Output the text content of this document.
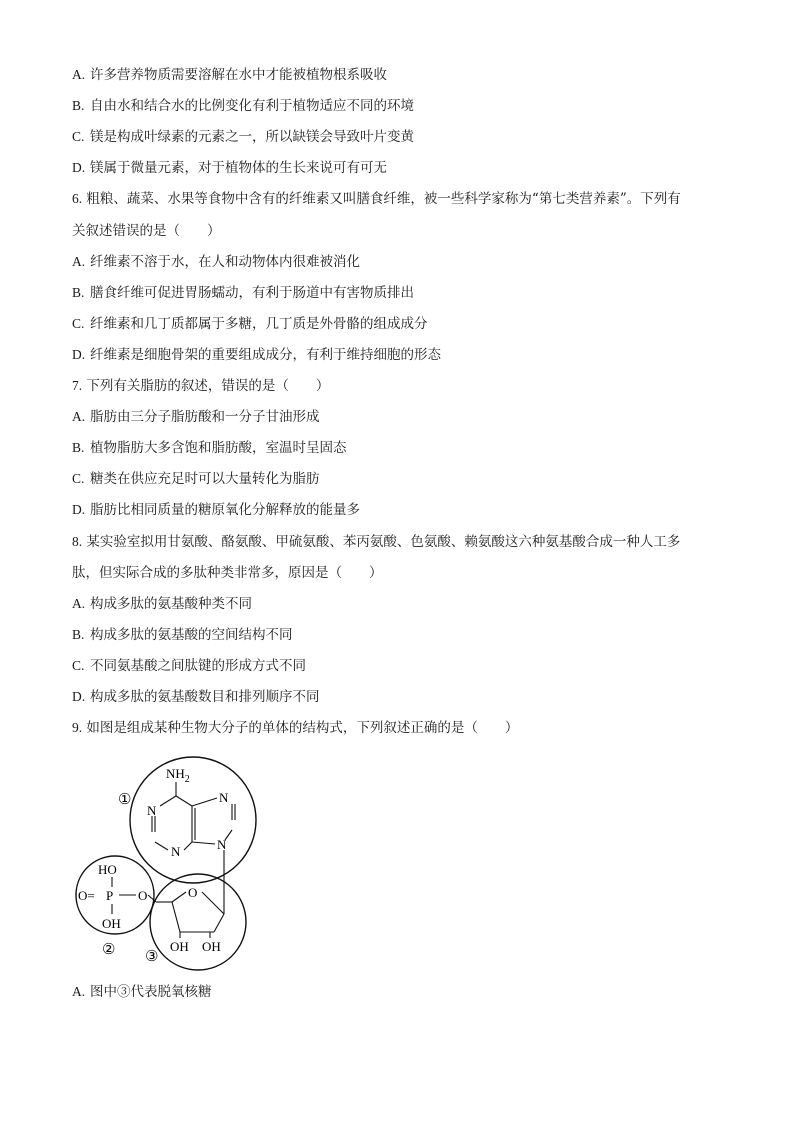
A. 许多营养物质需要溶解在水中才能被植物根系吸收
B. 自由水和结合水的比例变化有利于植物适应不同的环境
C. 镁是构成叶绿素的元素之一，所以缺镁会导致叶片变黄
D. 镁属于微量元素，对于植物体的生长来说可有可无
6. 粗粮、蔬菜、水果等食物中含有的纤维素又叫膳食纤维，被一些科学家称为“第七类营养素”。下列有
关叙述错误的是（　　）
A. 纤维素不溶于水，在人和动物体内很难被消化
B. 膳食纤维可促进胃肠蠕动，有利于肠道中有害物质排出
C. 纤维素和几丁质都属于多糖，几丁质是外骨骼的组成成分
D. 纤维素是细胞骨架的重要组成成分，有利于维持细胞的形态
7. 下列有关脂肪的叙述，错误的是（　　）
A. 脂肪由三分子脂肪酸和一分子甘油形成
B. 植物脂肪大多含饱和脂肪酸，室温时呈固态
C. 糖类在供应充足时可以大量转化为脂肪
D. 脂肪比相同质量的糖原氧化分解释放的能量多
8. 某实验室拟用甘氨酸、酪氨酸、甲硫氨酸、苯丙氨酸、色氨酸、赖氨酸这六种氨基酸合成一种人工多
肽，但实际合成的多肽种类非常多，原因是（　　）
A. 构成多肽的氨基酸种类不同
B. 构成多肽的氨基酸的空间结构不同
C. 不同氨基酸之间肽键的形成方式不同
D. 构成多肽的氨基酸数目和排列顺序不同
9. 如图是组成某种生物大分子的单体的结构式，下列叙述正确的是（　　）
①
② ③
$NH_2$
N
N
N
N
HO
O= P O
OH
O
OH OH
A. 图中③代表脱氧核糖
